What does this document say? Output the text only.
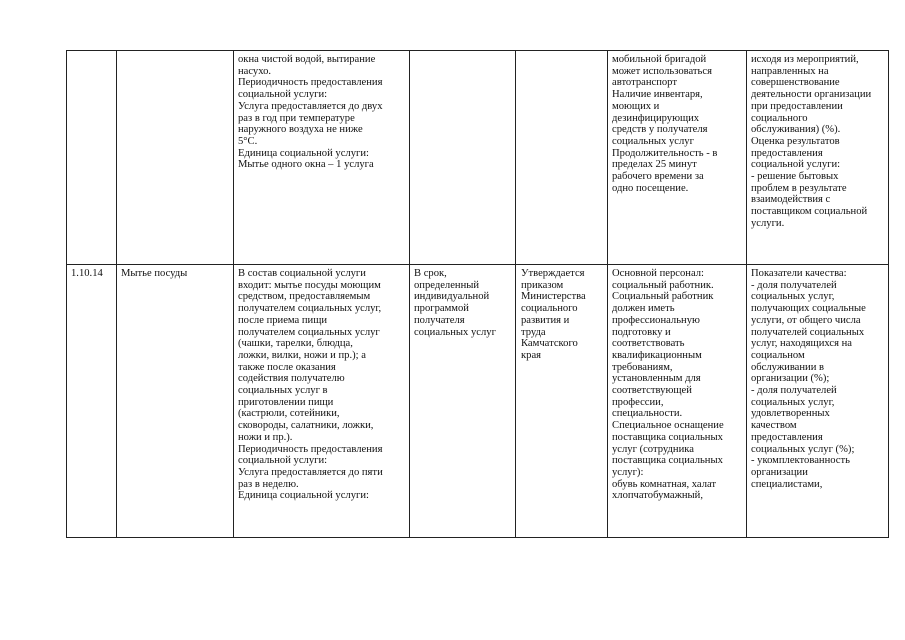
окна чистой водой, вытирание

насухо.

Периодичность предоставления

социальной услуги:

Услуга предоставляется до двух

раз в год при температуре

наружного воздуха не ниже

5°С.

Единица социальной услуги:

Мытье одного окна – 1 услуга

мобильной бригадой

может использоваться

автотранспорт

Наличие инвентаря,

моющих и

дезинфицирующих

средств у получателя

социальных услуг

Продолжительность - в

пределах 25 минут

рабочего времени за

одно посещение.

исходя из мероприятий,

направленных на

совершенствование

деятельности организации

при предоставлении

социального

обслуживания) (%).

Оценка результатов

предоставления

социальной услуги:

- решение бытовых

проблем в результате

взаимодействия с

поставщиком социальной

услуги.

1.10.14	Мытье посуды	В состав социальной услуги

входит: мытье посуды моющим

средством, предоставляемым

получателем социальных услуг,

после приема пищи

получателем социальных услуг

(чашки, тарелки, блюдца,

ложки, вилки, ножи и пр.); а

также после оказания

содействия получателю

социальных услуг в

приготовлении пищи

(кастрюли, сотейники,

сковороды, салатники, ложки,

ножи и пр.).

Периодичность предоставления

социальной услуги:

Услуга предоставляется до пяти

раз в неделю.

Единица социальной услуги:

В срок,

определенный

индивидуальной

программой

получателя

социальных услуг

Утверждается

приказом

Министерства

социального

развития и

труда

Камчатского

края

Основной персонал:

социальный работник.

Социальный работник

должен иметь

профессиональную

подготовку и

соответствовать

квалификационным

требованиям,

установленным для

соответствующей

профессии,

специальности.

Специальное оснащение

поставщика социальных

услуг (сотрудника

поставщика социальных

услуг):

обувь комнатная, халат

хлопчатобумажный,

Показатели качества:

- доля получателей

социальных услуг,

получающих социальные

услуги, от общего числа

получателей социальных

услуг, находящихся на

социальном

обслуживании в

организации (%);

- доля получателей

социальных услуг,

удовлетворенных

качеством

предоставления

социальных услуг (%);

- укомплектованность

организации

специалистами,
